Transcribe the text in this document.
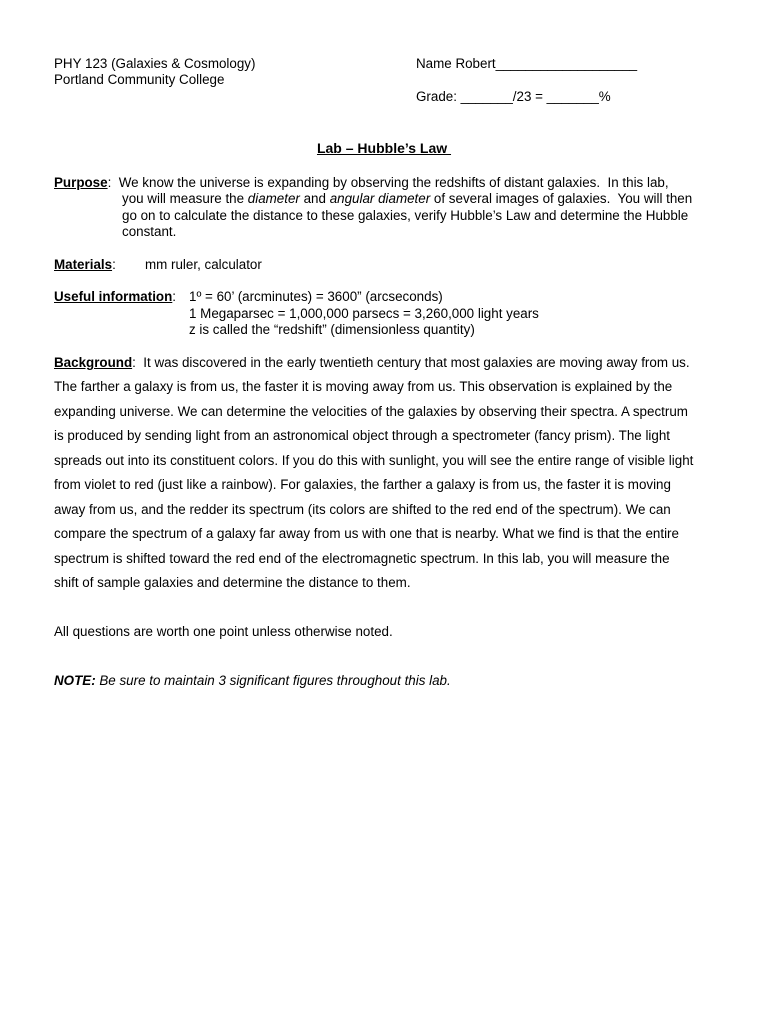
PHY 123 (Galaxies & Cosmology)
Portland Community College
Name Robert___________________
Grade: _______/23 = _______%
Lab – Hubble’s Law
Purpose:  We know the universe is expanding by observing the redshifts of distant galaxies.  In this lab,
you will measure the diameter and angular diameter of several images of galaxies.  You will then
go on to calculate the distance to these galaxies, verify Hubble’s Law and determine the Hubble
constant.
Materials: mm ruler, calculator
Useful information: 1º = 60’ (arcminutes) = 3600” (arcseconds)
1 Megaparsec = 1,000,000 parsecs = 3,260,000 light years
z is called the “redshift” (dimensionless quantity)
Background:  It was discovered in the early twentieth century that most galaxies are moving away from us.
The farther a galaxy is from us, the faster it is moving away from us. This observation is explained by the
expanding universe. We can determine the velocities of the galaxies by observing their spectra. A spectrum
is produced by sending light from an astronomical object through a spectrometer (fancy prism). The light
spreads out into its constituent colors. If you do this with sunlight, you will see the entire range of visible light
from violet to red (just like a rainbow). For galaxies, the farther a galaxy is from us, the faster it is moving
away from us, and the redder its spectrum (its colors are shifted to the red end of the spectrum). We can
compare the spectrum of a galaxy far away from us with one that is nearby. What we find is that the entire
spectrum is shifted toward the red end of the electromagnetic spectrum. In this lab, you will measure the
shift of sample galaxies and determine the distance to them.
All questions are worth one point unless otherwise noted.
NOTE: Be sure to maintain 3 significant figures throughout this lab.
